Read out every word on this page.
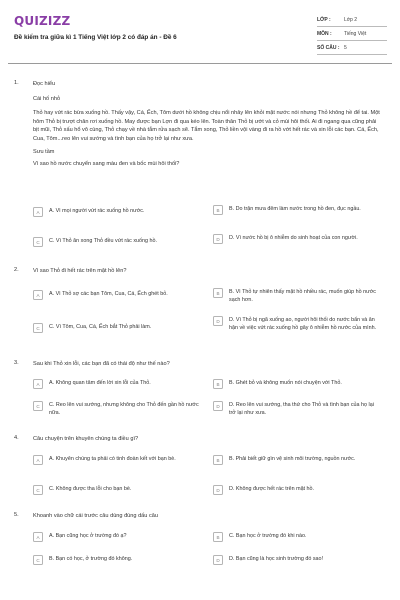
QUIZIZZ
Đề kiểm tra giữa kì 1 Tiếng Việt lớp 2 có đáp án - Đề 6
LỚP :	Lớp 2
MÔN :	Tiếng Việt
SỐ CÂU : 5
1.	Đọc hiểu
Cái hố nhỏ
Thỏ hay vứt rác bừa xuống hồ. Thấy vậy, Cá, Ếch, Tôm dưới hồ không chịu nổi nhảy lên khỏi mặt nước nói nhưng Thỏ không hề để tai. Một hôm Thỏ bị trượt chân rơi xuống hồ. May được bạn Lợn đi qua kéo lên. Toàn thân Thỏ bị ướt và cỏ mùi hôi thối. Ai đi ngang qua cũng phải bịt mũi, Thỏ xấu hổ vô cùng, Thỏ chạy về nhà tắm rửa sạch sẽ. Tắm xong, Thỏ liền vội vàng đi ra hồ vớt hết rác và xin lỗi các bạn. Cá, Ếch, Cua, Tôm...reo lên vui sướng và tình bạn của họ trở lại như xưa.
Sưu tầm
Vì sao hồ nước chuyển sang màu đen và bốc mùi hôi thối?
A	A. Vì mọi người vứt rác xuống hồ nước.	B	B. Do trận mưa đêm làm nước trong hồ đen, đục ngầu.
C	C. Vì Thỏ ăn xong Thỏ đều vứt rác xuống hồ.	D	D. Vì nước hồ bị ô nhiễm do sinh hoạt của con người.
2.	Vì sao Thỏ đi hết rác trên mặt hồ lên?
A	A. Vì Thỏ sợ các bạn Tôm, Cua, Cá, Ếch ghét bỏ.	B	B. Vì Thỏ tự nhiên thấy mặt hồ nhiều rác, muốn giúp hồ nước sạch hơn.
C	C. Vì Tôm, Cua, Cá, Ếch bắt Thỏ phải làm.
D	D. Vì Thỏ bị ngã xuống ao, người hôi thối do nước bẩn và ân hận về việc vứt rác xuống hồ gây ô nhiễm hồ nước của mình.
3.	Sau khi Thỏ xin lỗi, các bạn đã có thái độ như thế nào?
A	A. Không quan tâm đến lời xin lỗi của Thỏ.	B	B. Ghét bỏ và không muốn nói chuyện với Thỏ.
C	C. Reo lên vui sướng, nhưng không cho Thỏ đến gần hồ nước nữa.
D	D. Reo lên vui sướng, tha thứ cho Thỏ và tình bạn của họ lại trở lại như xưa.
4.	Câu chuyện trên khuyên chúng ta điều gì?
A	A. Khuyên chúng ta phải có tinh đoàn kết với bạn bè.	B	B. Phải biết giữ gìn vệ sinh môi trường, nguồn nước.
C	C. Không được tha lỗi cho bạn bè.	D	D. Không được hết rác trên mặt hồ.
5.	Khoanh vào chữ cái trước câu dùng đúng dấu câu
A	A. Bạn cũng học ở trường đó ạ?	B	C. Bạn học ở trường đó khi nào.
C	B. Bạn có học, ở trường đó không.	D	D. Bạn cũng là học sinh trường đó sao!
